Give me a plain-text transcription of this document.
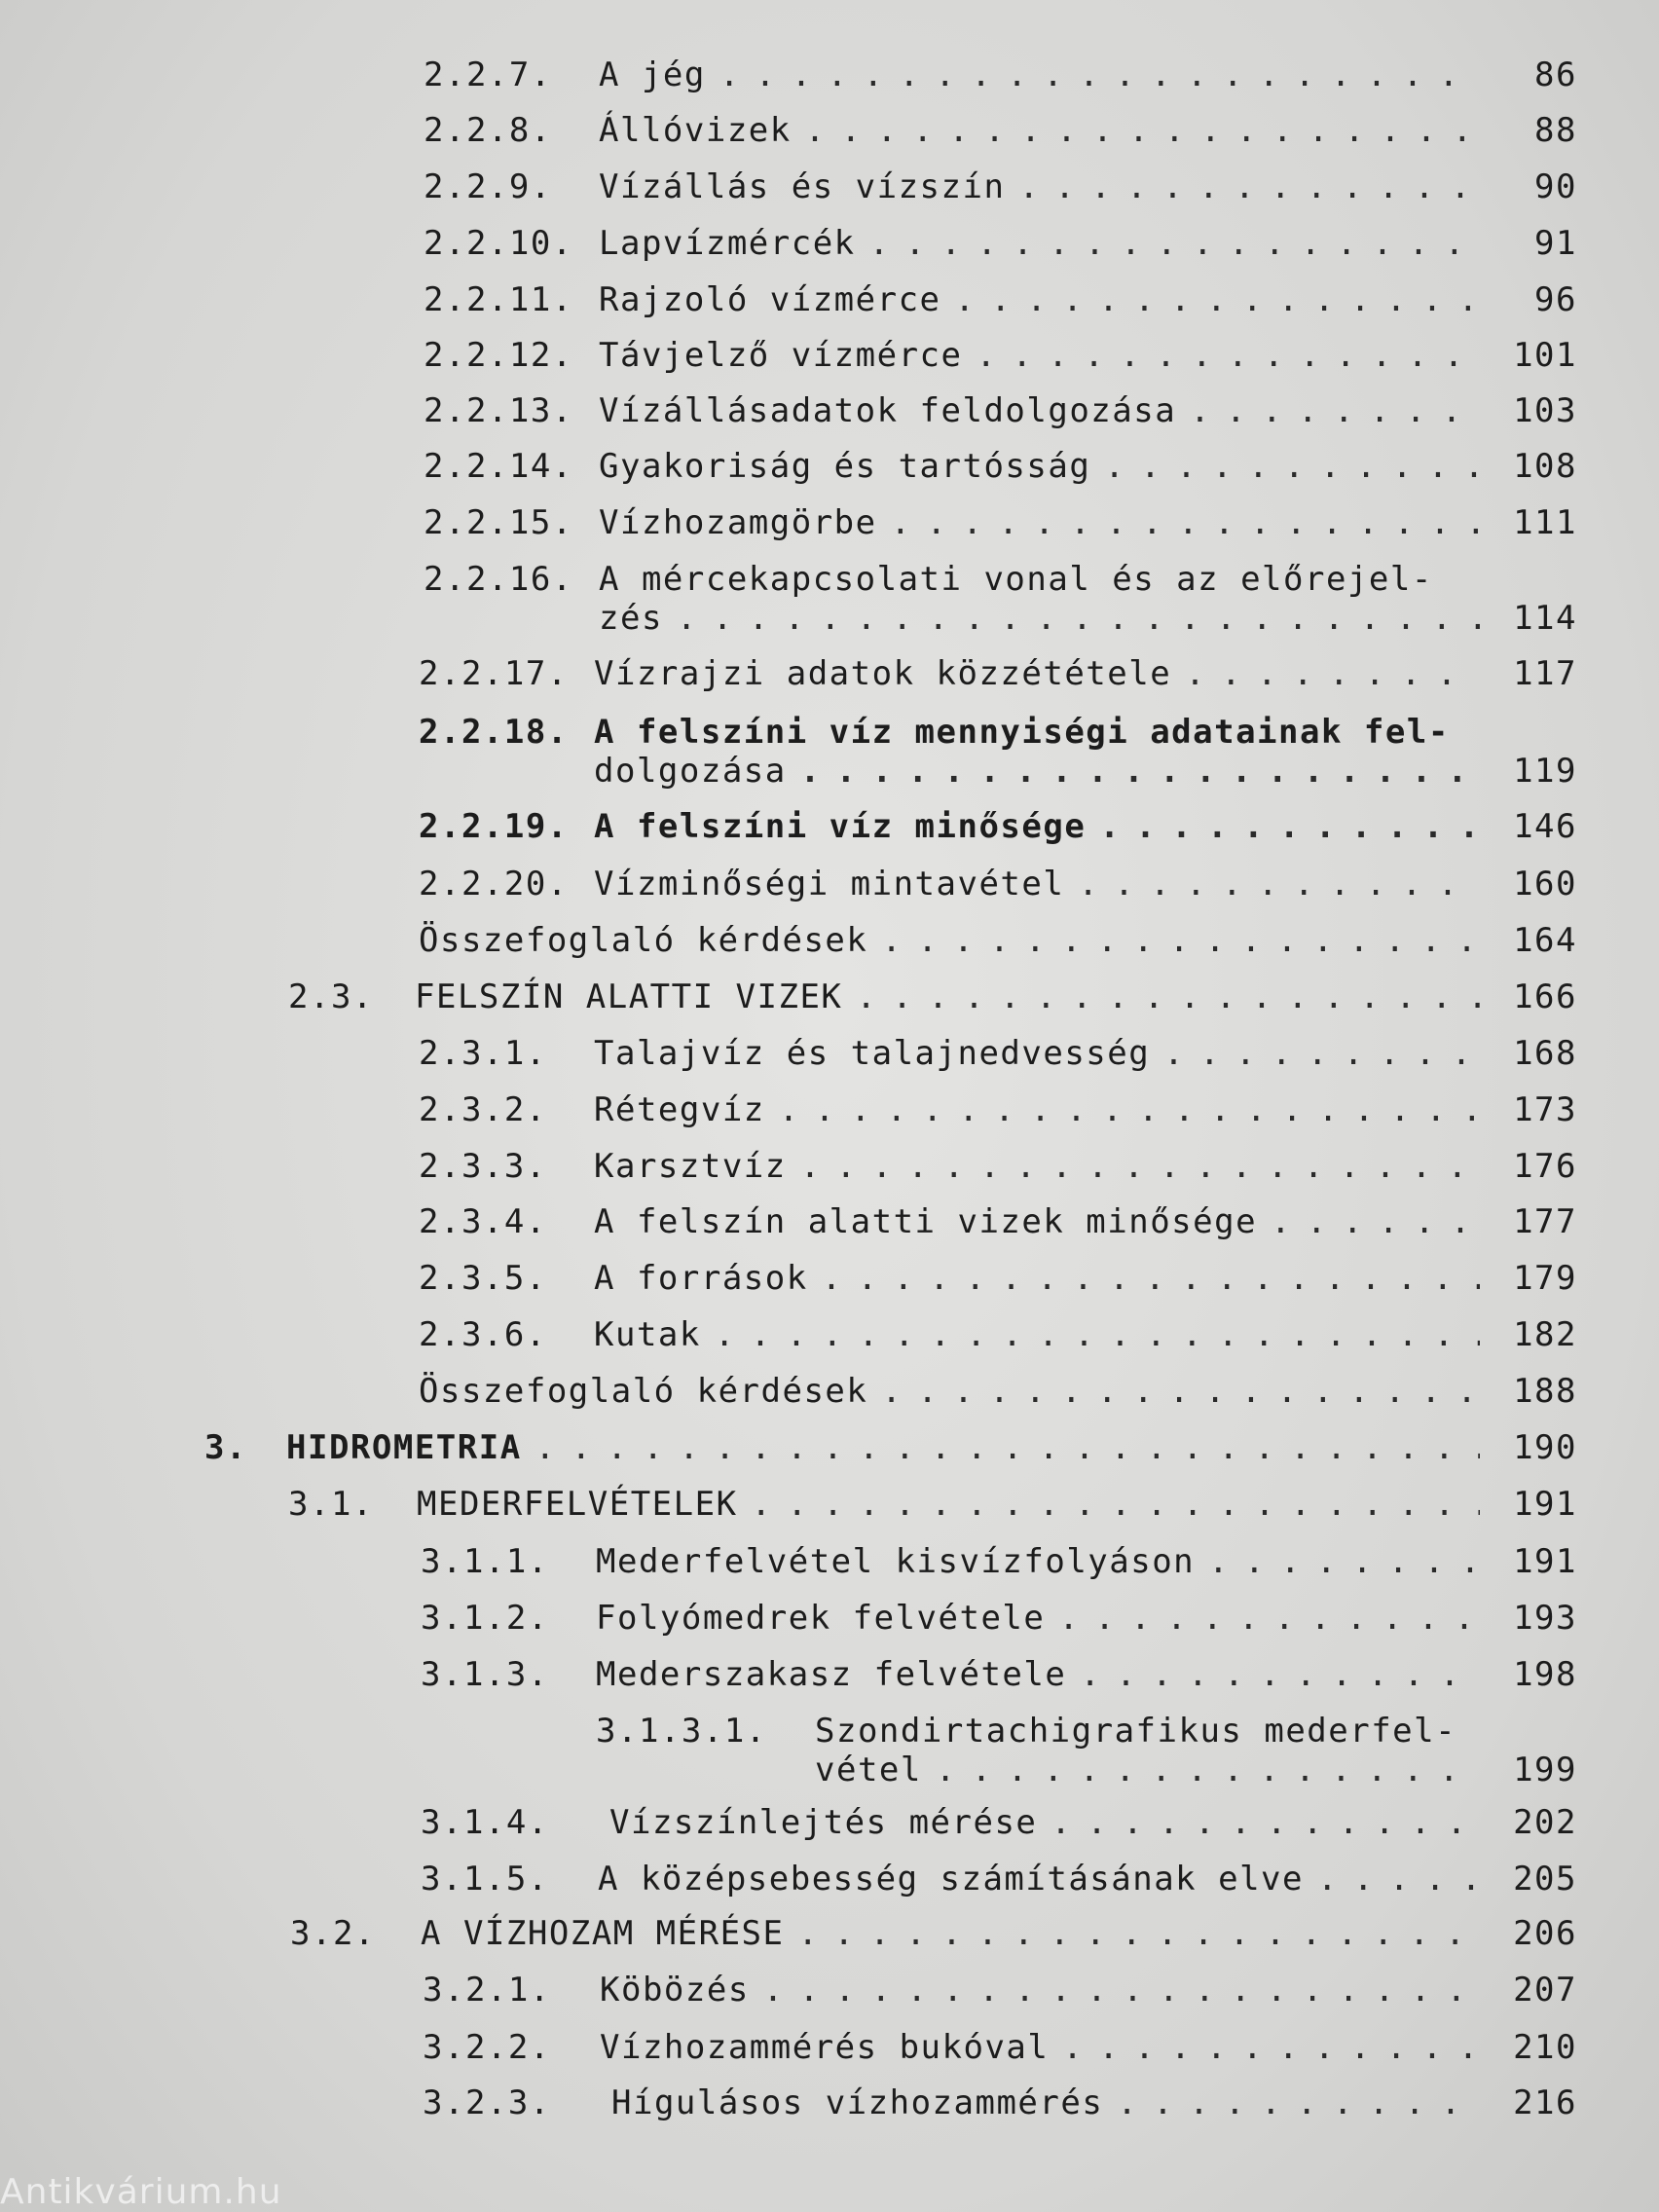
2.2.7. A jég . . .	86
2.2.8. Állóvizek . . .	88
2.2.9. Vízállás és vízszín . . .	90
2.2.10. Lapvízmércék . . .	91
2.2.11. Rajzoló vízmérce . . .	96
2.2.12. Távjelző vízmérce . . .	101
2.2.13. Vízállásadatok feldolgozása . . .	103
2.2.14. Gyakoriság és tartósság . . .	108
2.2.15. Vízhozamgörbe . . .	111
2.2.16. A mércekapcsolati vonal és az előrejel-
zés . . .	114
2.2.17. Vízrajzi adatok közzététele . . .	117
2.2.18. A felszíni víz mennyiségi adatainak fel-
dolgozása . . .	119
2.2.19. A felszíni víz minősége . . .	146
2.2.20. Vízminőségi mintavétel . . .	160
Összefoglaló kérdések . . .	164
2.3. FELSZÍN ALATTI VIZEK . . .	166
2.3.1. Talajvíz és talajnedvesség . . .	168
2.3.2. Rétegvíz . . .	173
2.3.3. Karsztvíz . . .	176
2.3.4. A felszín alatti vizek minősége . . .	177
2.3.5. A források . . .	179
2.3.6. Kutak . . .	182
Összefoglaló kérdések . . .	188
3. HIDROMETRIA . . .	190
3.1. MEDERFELVÉTELEK . . .	191
3.1.1. Mederfelvétel kisvízfolyáson . . .	191
3.1.2. Folyómedrek felvétele . . .	193
3.1.3. Mederszakasz felvétele . . .	198
3.1.3.1. Szondirtachigrafikus mederfel-
vétel . . .	199
3.1.4. Vízszínlejtés mérése . . .	202
3.1.5. A középsebesség számításának elve . . .	205
3.2. A VÍZHOZAM MÉRÉSE . . .	206
3.2.1. Köbözés . . .	207
3.2.2. Vízhozammérés bukóval . . .	210
3.2.3. Hígulásos vízhozammérés . . .	216
Antikvárium.hu
